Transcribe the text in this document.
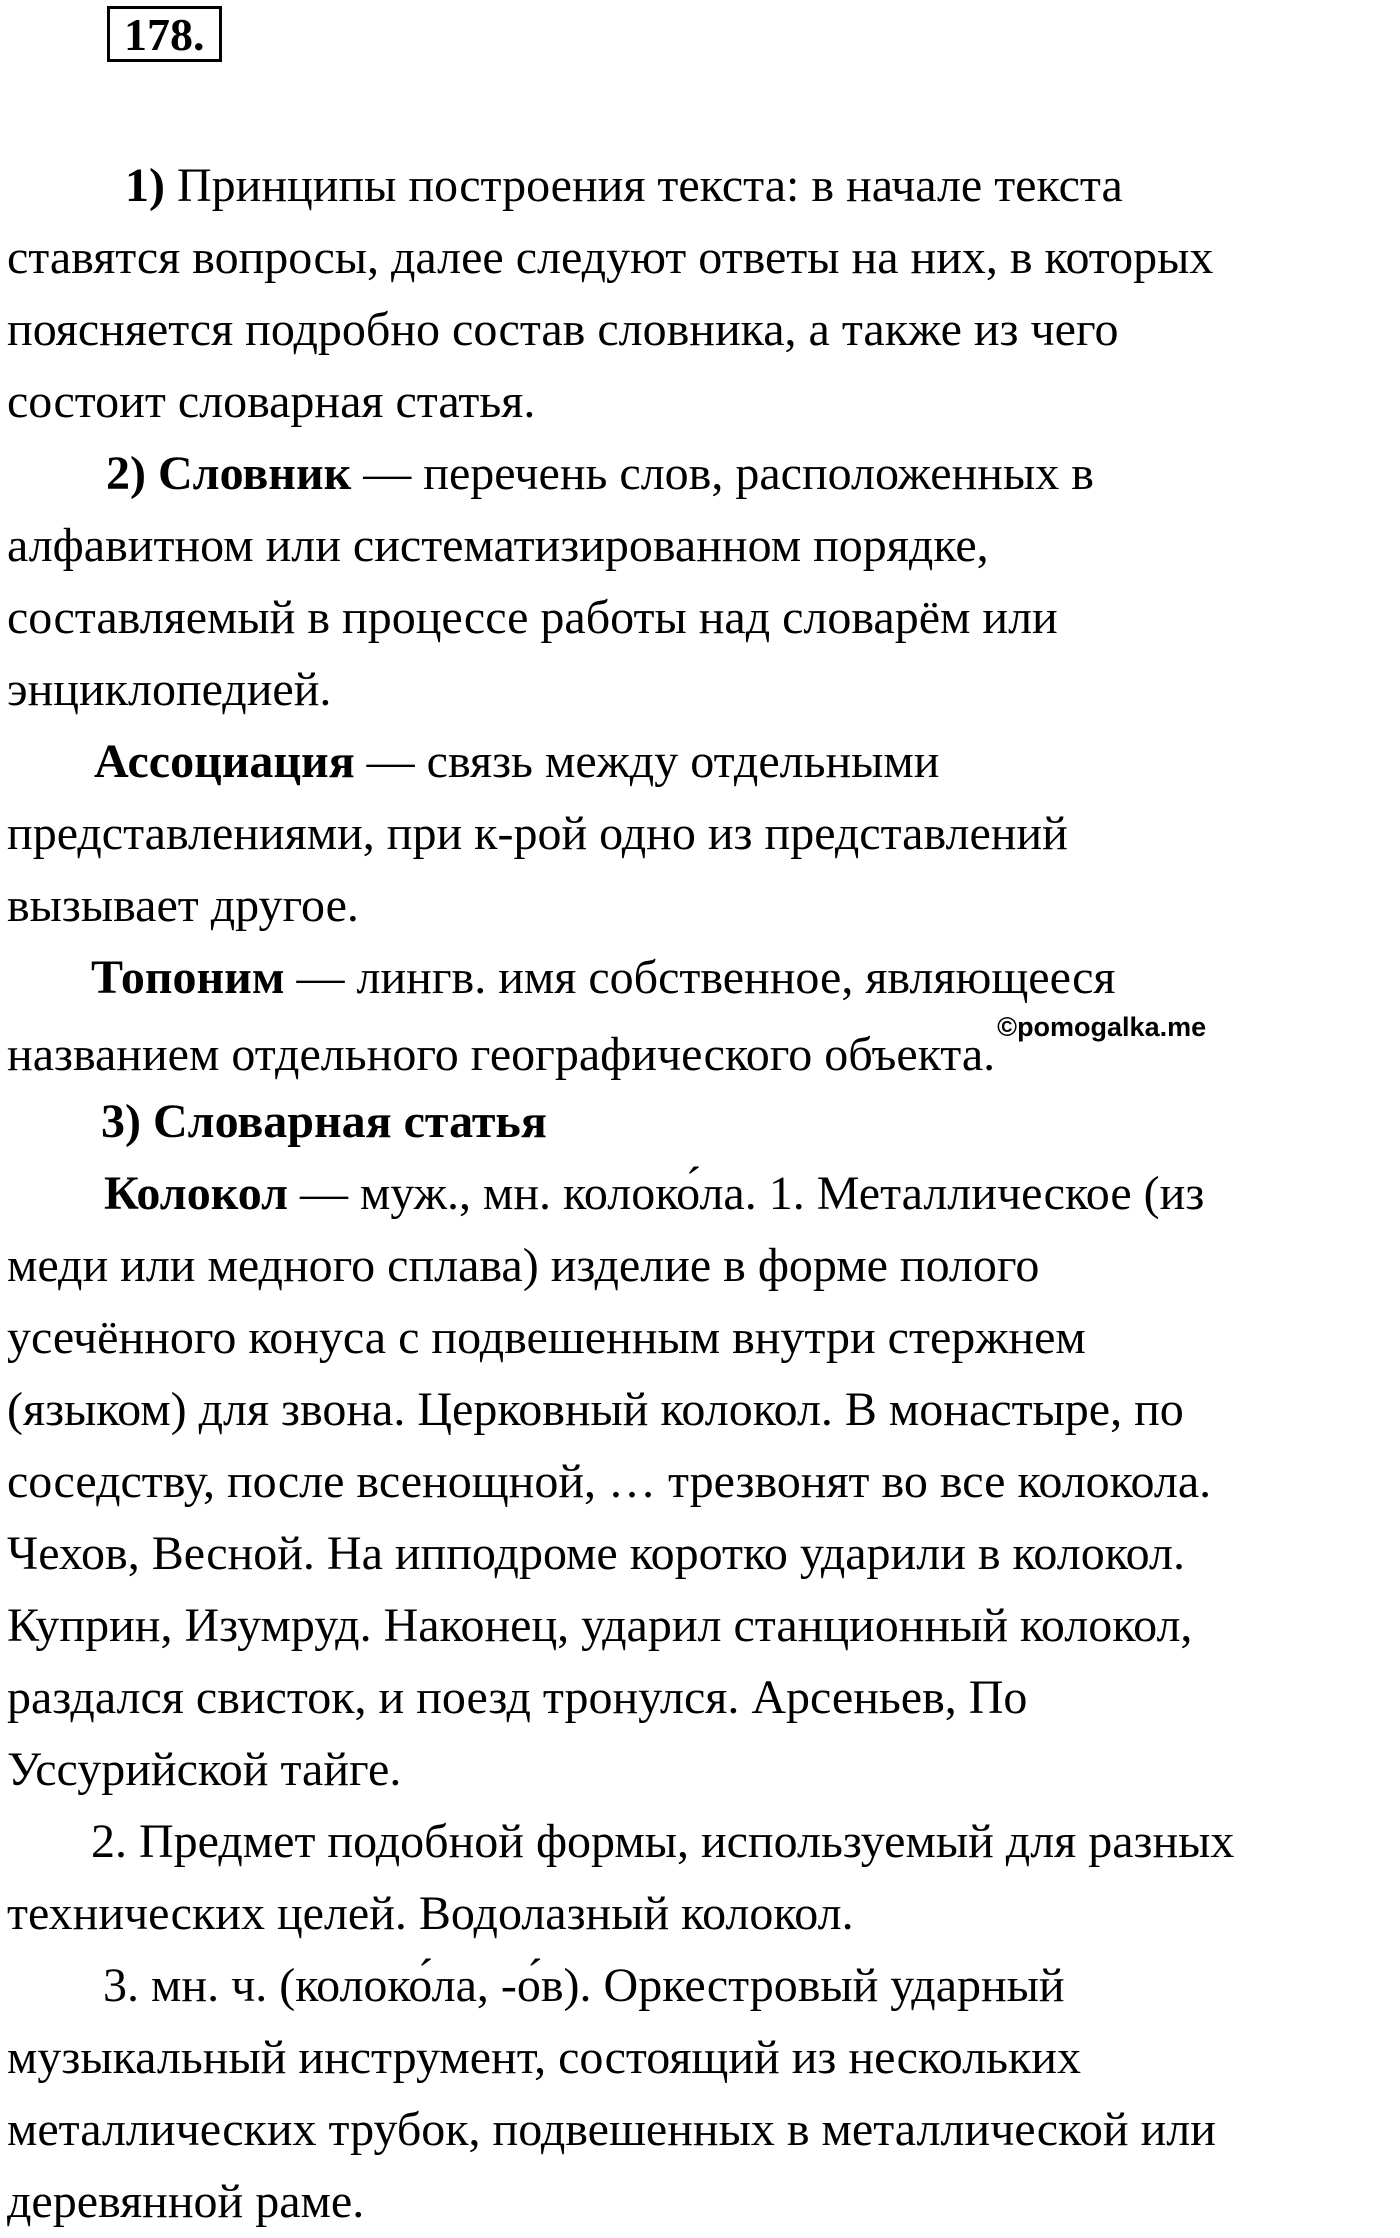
178.
1) Принципы построения текста: в начале текста
ставятся вопросы, далее следуют ответы на них, в которых
поясняется подробно состав словника, а также из чего
состоит словарная статья.
2) Словник — перечень слов, расположенных в
алфавитном или систематизированном порядке,
составляемый в процессе работы над словарём или
энциклопедией.
Ассоциация — связь между отдельными
представлениями, при к-рой одно из представлений
вызывает другое.
Топоним — лингв. имя собственное, являющееся
названием отдельного географического объекта.©pomogalka.me
3) Словарная статья
Колокол — муж., мн. колоко́ла. 1. Металлическое (из
меди или медного сплава) изделие в форме полого
усечённого конуса с подвешенным внутри стержнем
(языком) для звона. Церковный колокол. В монастыре, по
соседству, после всенощной, … трезвонят во все колокола.
Чехов, Весной. На ипподроме коротко ударили в колокол.
Куприн, Изумруд. Наконец, ударил станционный колокол,
раздался свисток, и поезд тронулся. Арсеньев, По
Уссурийской тайге.
2. Предмет подобной формы, используемый для разных
технических целей. Водолазный колокол.
3. мн. ч. (колоко́ла, -о́в). Оркестровый ударный
музыкальный инструмент, состоящий из нескольких
металлических трубок, подвешенных в металлической или
деревянной раме.
